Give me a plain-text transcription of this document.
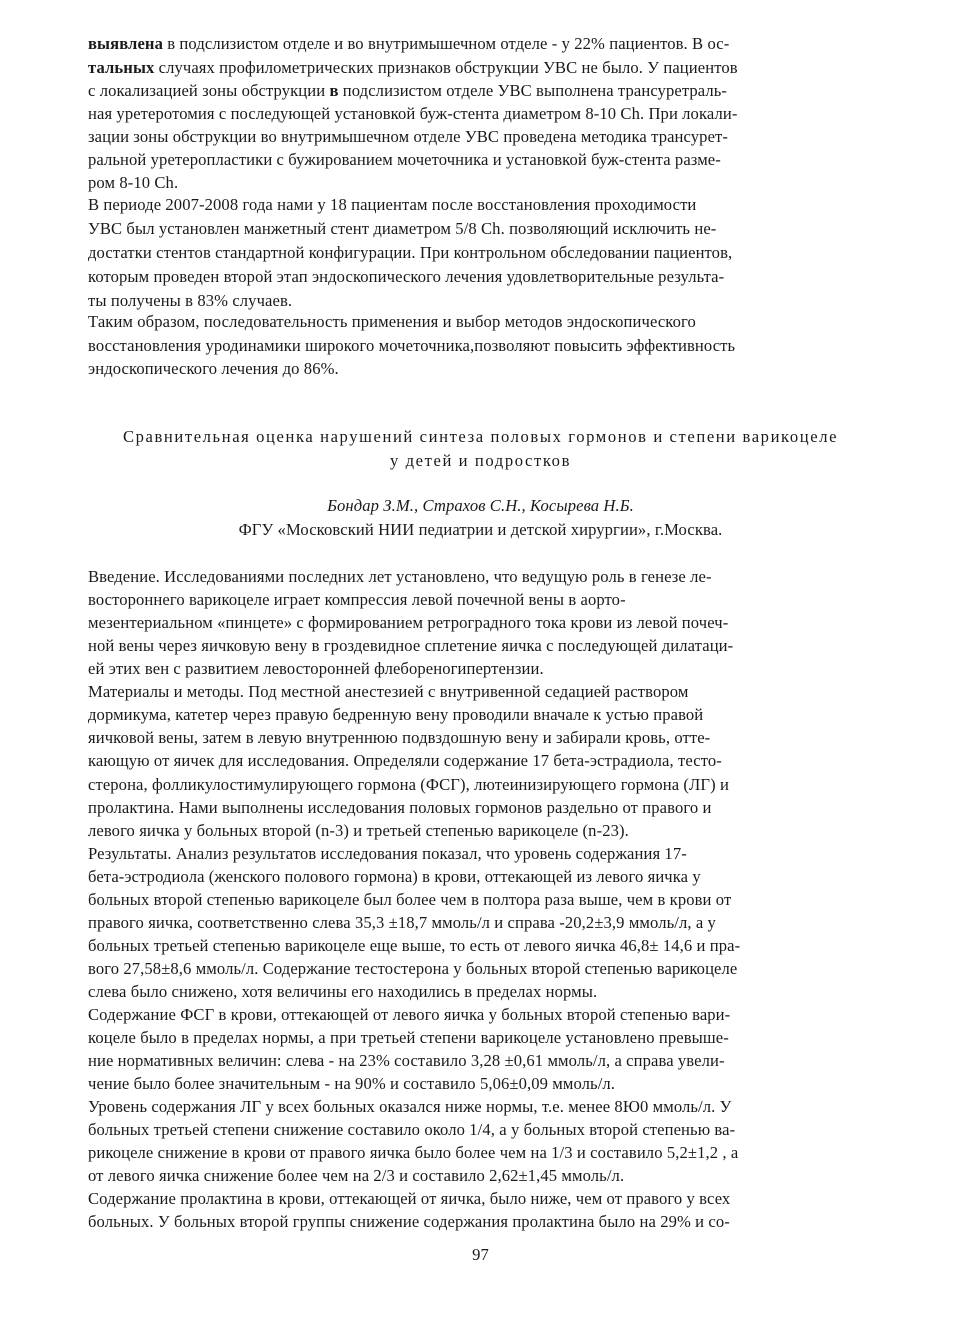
выявлена в подслизистом отделе и во внутримышечном отделе - у 22% пациентов. В ос-
тальных случаях профилометрических признаков обструкции УВС не было. У пациентов
с локализацией зоны обструкции в подслизистом отделе УВС выполнена трансуретраль-
ная уретеротомия с последующей установкой буж-стента диаметром 8-10 Ch. При локали-
зации зоны обструкции во внутримышечном отделе УВС проведена методика трансурет-
ральной уретеропластики с бужированием мочеточника и установкой буж-стента разме-
ром 8-10 Ch.
В периоде 2007-2008 года нами у 18 пациентам после восстановления проходимости
УВС был установлен манжетный стент диаметром 5/8 Ch. позволяющий исключить не-
достатки стентов стандартной конфигурации. При контрольном обследовании пациентов,
которым проведен второй этап эндоскопического лечения удовлетворительные результа-
ты получены в 83% случаев.
Таким образом, последовательность применения и выбор методов эндоскопического
восстановления уродинамики широкого мочеточника,позволяют повысить эффективность
эндоскопического лечения до 86%.
Сравнительная оценка нарушений синтеза половых гормонов и степени варикоцеле
у детей и подростков
Бондар З.М., Страхов С.Н., Косырева Н.Б.
ФГУ «Московский НИИ педиатрии и детской хирургии», г.Москва.
Введение. Исследованиями последних лет установлено, что ведущую роль в генезе ле-
востороннего варикоцеле играет компрессия левой почечной вены в аорто-
мезентериальном «пинцете» с формированием ретроградного тока крови из левой почеч-
ной вены через яичковую вену в гроздевидное сплетение яичка с последующей дилатаци-
ей этих вен с развитием левосторонней флебореногипертензии.
Материалы и методы. Под местной анестезией с внутривенной седацией раствором
дормикума, катетер через правую бедренную вену проводили вначале к устью правой
яичковой вены, затем в левую внутреннюю подвздошную вену и забирали кровь, отте-
кающую от яичек для исследования. Определяли содержание 17 бета-эстрадиола, тесто-
стерона, фолликулостимулирующего гормона (ФСГ), лютеинизирующего гормона (ЛГ) и
пролактина. Нами выполнены исследования половых гормонов раздельно от правого и
левого яичка у больных второй (n-3) и третьей степенью варикоцеле (n-23).
Результаты. Анализ результатов исследования показал, что уровень содержания 17-
бета-эстродиола (женского полового гормона) в крови, оттекающей из левого яичка у
больных второй степенью варикоцеле был более чем в полтора раза выше, чем в крови от
правого яичка, соответственно слева 35,3 ±18,7 ммоль/л и справа -20,2±3,9 ммоль/л, а у
больных третьей степенью варикоцеле еще выше, то есть от левого яичка 46,8± 14,6 и пра-
вого 27,58±8,6 ммоль/л. Содержание тестостерона у больных второй степенью варикоцеле
слева было снижено, хотя величины его находились в пределах нормы.
Содержание ФСГ в крови, оттекающей от левого яичка у больных второй степенью вари-
коцеле было в пределах нормы, а при третьей степени варикоцеле установлено превыше-
ние нормативных величин: слева - на 23% составило 3,28 ±0,61 ммоль/л, а справа увели-
чение было более значительным - на 90% и составило 5,06±0,09 ммоль/л.
Уровень содержания ЛГ у всех больных оказался ниже нормы, т.е. менее 8Ю0 ммоль/л. У
больных третьей степени снижение составило около 1/4, а у больных второй степенью ва-
рикоцеле снижение в крови от правого яичка было более чем на 1/3 и составило 5,2±1,2 , а
от левого яичка снижение более чем на 2/3 и составило 2,62±1,45 ммоль/л.
Содержание пролактина в крови, оттекающей от яичка, было ниже, чем от правого у всех
больных. У больных второй группы снижение содержания пролактина было на 29% и со-
97
